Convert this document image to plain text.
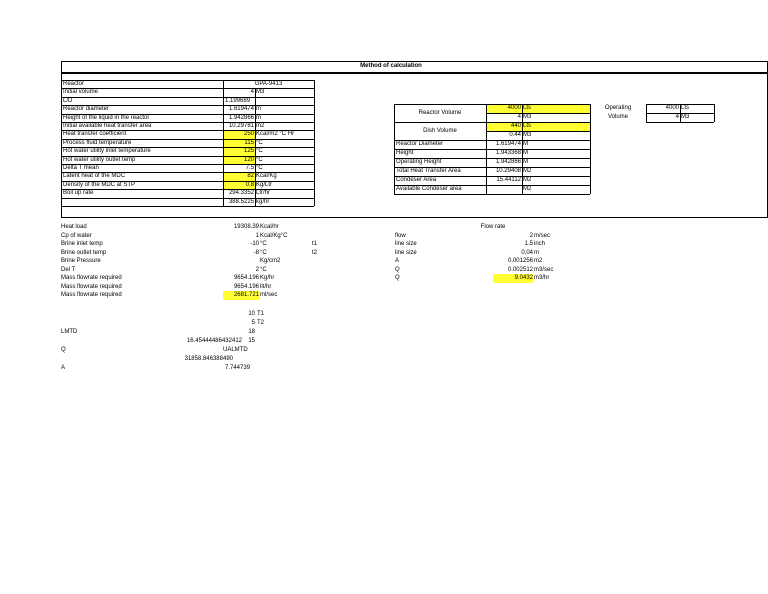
Method of calculation
Reactor	GPA-9413
Initial volume	4 M3
L/D	1.199689
Reactor diameter	1.619474 m
Height of the liquid in the reactor	1.942866 m
Initial available heat transfer area	10.29781 m2
Heat transfer coefficient	250 Kcal/m2 °C Hr
Process fluid temperature	115 °C
Hot water utility inlet temperature	125 °C
Hot water utility outlet temp	120 °C
Delta T mean	7.5 °C
Latent heat of the MDC	82 Kcal/Kg
Density of the MDC at STP	0.8 Kg/Ltr
Boil up rate	294.3352 Ltr/hr
388.5225 kg/hr
4000 Lts
4 M3
Reactor Volume
440 Lts
0.44 M3
Dish Volume
Reactor Diameter	1.619474 M
Height	1.943368 M
Operating Height	1.942866 M
Total Heat Transfer Area	10.29408 M2
Condeser Area	15.44112 M2
Available Condeser area	M2
Operating
Volume
4000 Lts
4 M3
Heat load	19308.39 Kcal/hr
Cp of water	1 Kcal/Kg°C
Brine inlet temp	-10 °C	t1
Brine outlet temp	-8 °C	t2
Brine Pressure	Kg/cm2
Del T	2 °C
Mass flowrate required	9654.196 Kg/hr
Mass flowrate required	9654.196 lit/hr
Mass flowrate required	2681.721 ml/sec
Flow rate
flow	2 m/sec
line size	1.5 inch
line size	0.04 m
A	0.001256 m2
Q	0.002512 m3/sec
Q	9.0432 m3/hr
10 T1
5 T2
LMTD	18
16.45444486432412	15
UALMTD
Q
31858.846388490
A	7.744739
